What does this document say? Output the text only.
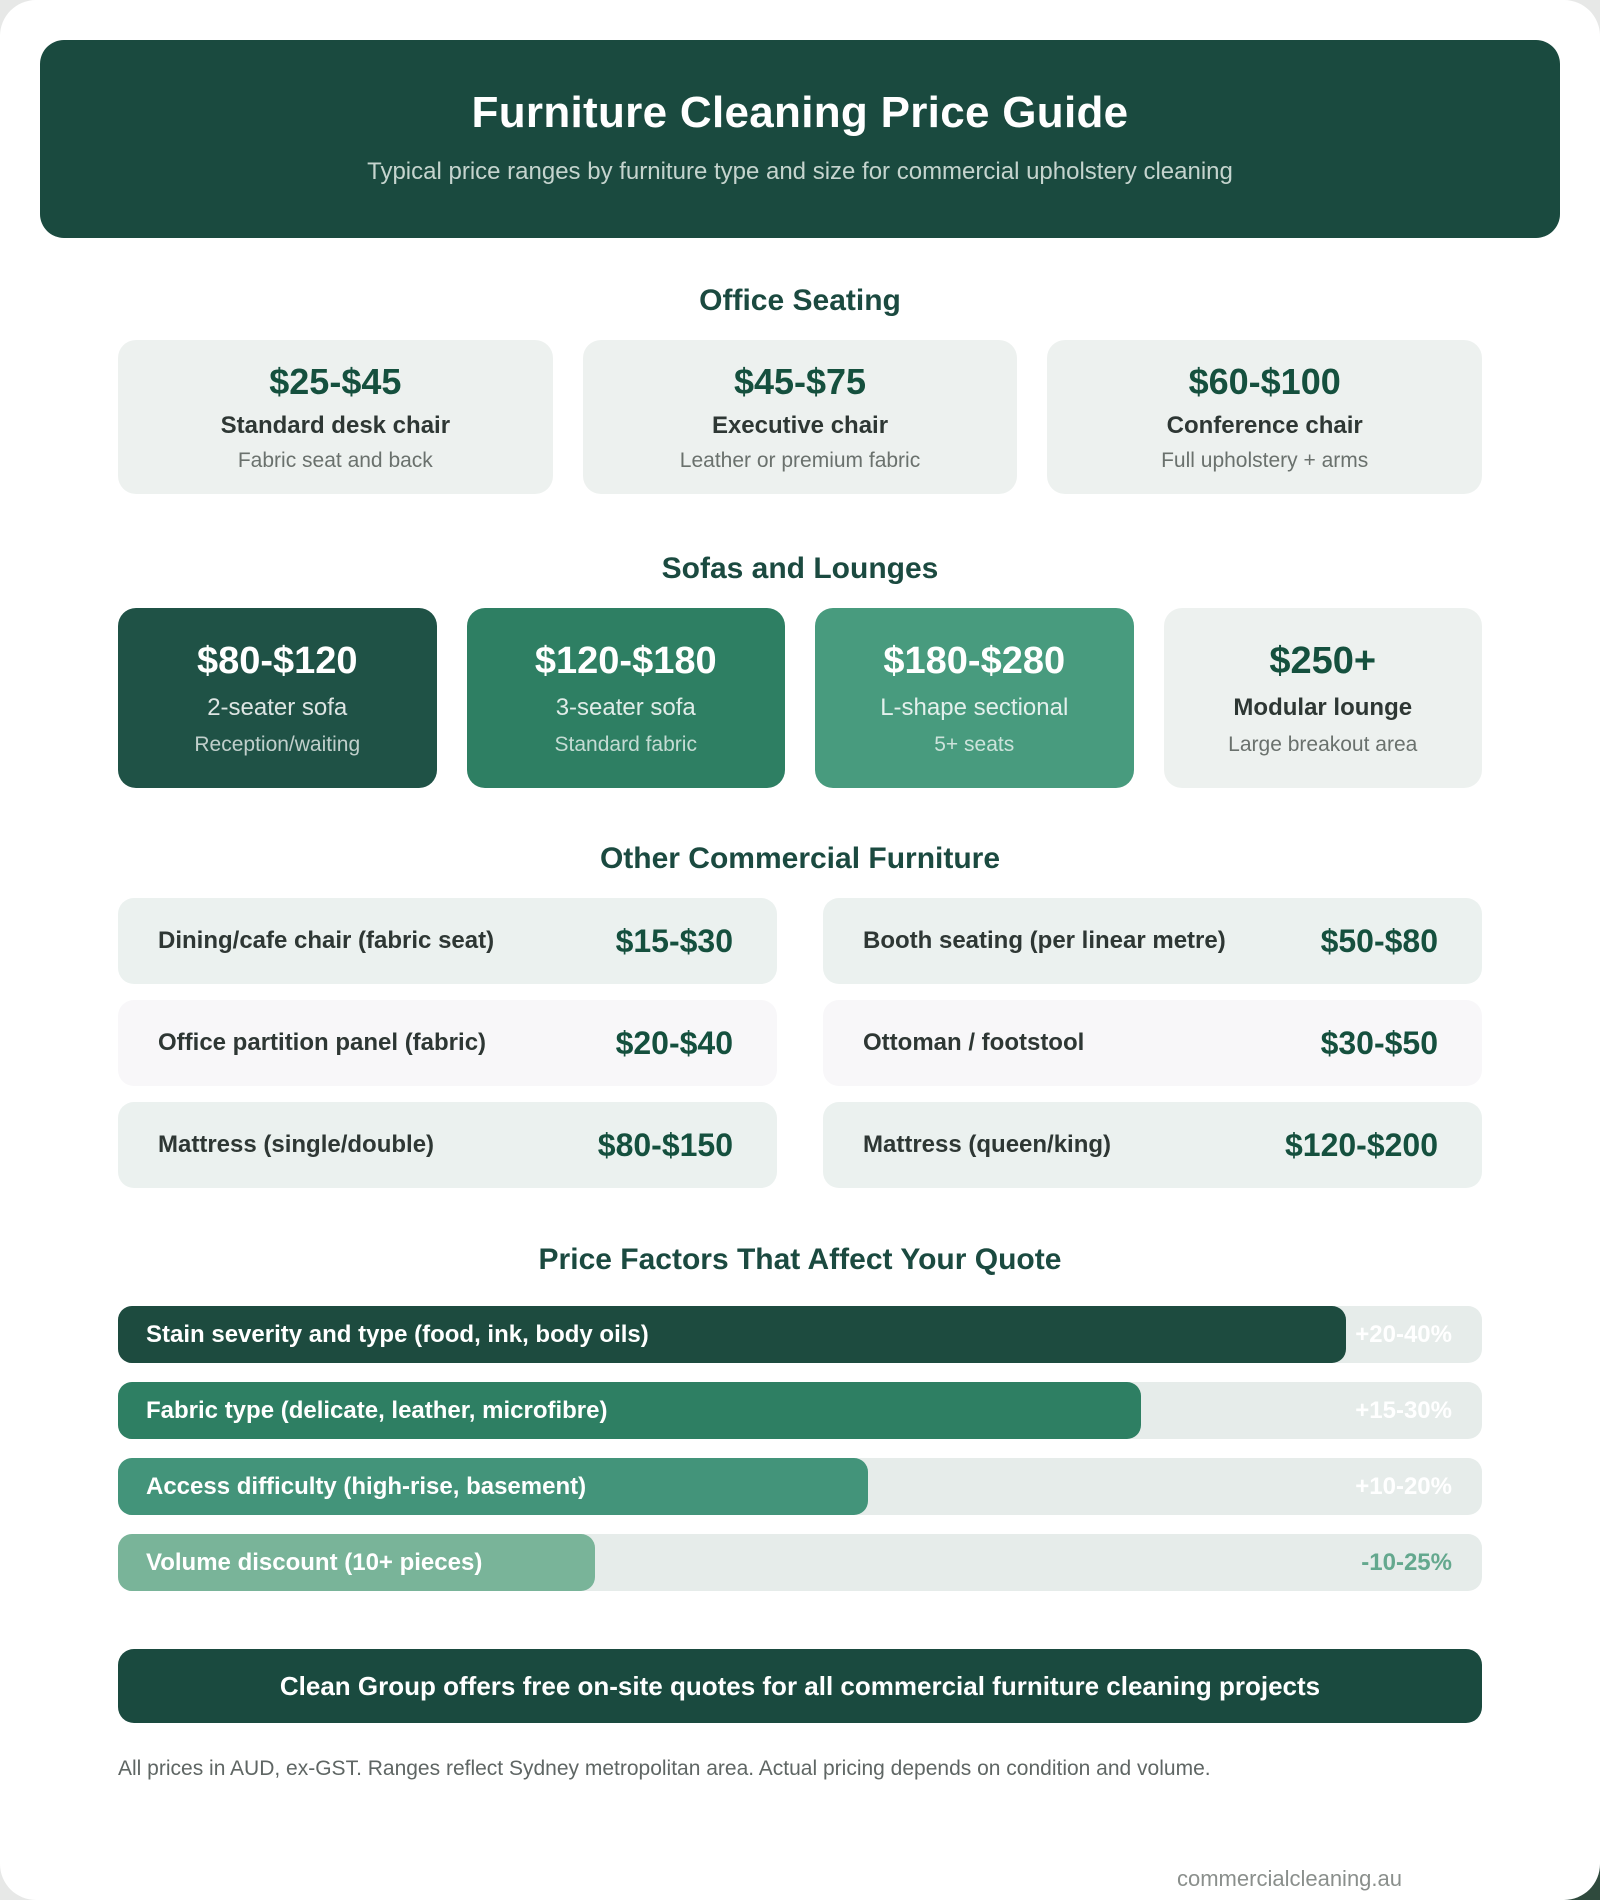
Furniture Cleaning Price Guide

Typical price ranges by furniture type and size for commercial upholstery cleaning

Office Seating
$25-$45
Standard desk chair
Fabric seat and back
$45-$75
Executive chair
Leather or premium fabric
$60-$100
Conference chair
Full upholstery + arms
Sofas and Lounges
$80-$120
2-seater sofa
Reception/waiting
$120-$180
3-seater sofa
Standard fabric
$180-$280
L-shape sectional
5+ seats
$250+
Modular lounge
Large breakout area
Other Commercial Furniture
Dining/cafe chair (fabric seat)	$15-$30	Booth seating (per linear metre)	$50-$80
Office partition panel (fabric)	$20-$40	Ottoman / footstool	$30-$50
Mattress (single/double)	$80-$150	Mattress (queen/king)	$120-$200
Price Factors That Affect Your Quote
Stain severity and type (food, ink, body oils)	+20-40%
Fabric type (delicate, leather, microfibre)	+15-30%
Access difficulty (high-rise, basement)	+10-20%
Volume discount (10+ pieces)	-10-25%
Clean Group offers free on-site quotes for all commercial furniture cleaning projects

All prices in AUD, ex-GST. Ranges reflect Sydney metropolitan area. Actual pricing depends on condition and volume.

commercialcleaning.au
